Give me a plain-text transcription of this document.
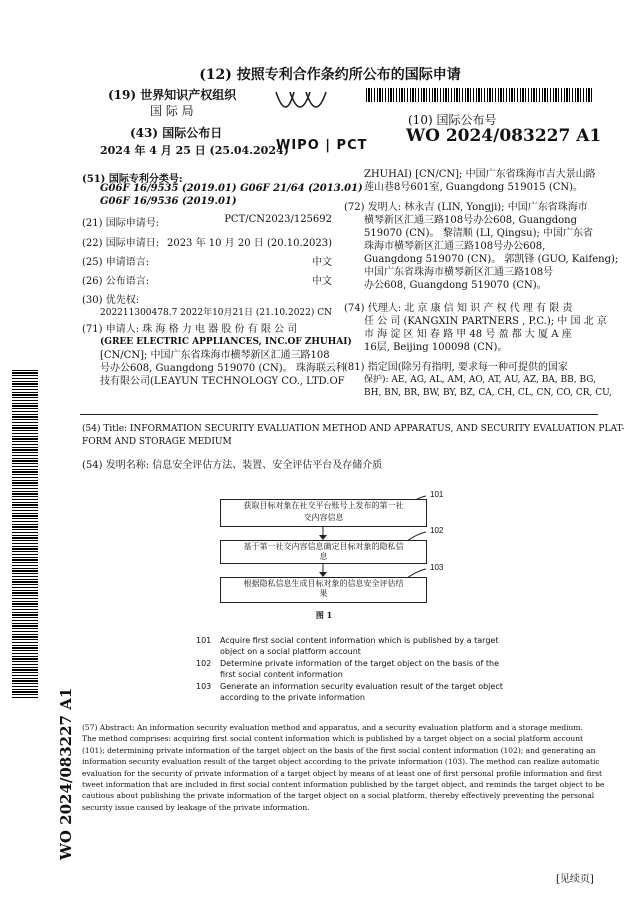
(12) 按照专利合作条约所公布的国际申请
(19) 世界知识产权组织
国 际 局
(43) 国际公布日
2024 年 4 月 25 日 (25.04.2024)
WIPO | PCT
(10) 国际公布号
WO 2024/083227 A1
WO 2024/083227 A1
(51) 国际专利分类号:
G06F 16/9535 (2019.01) G06F 21/64 (2013.01)
G06F 16/9536 (2019.01)
(21) 国际申请号:	PCT/CN2023/125692
(22) 国际申请日: 2023 年 10 月 20 日 (20.10.2023)
(25) 申请语言:	中文
(26) 公布语言:	中文
(30) 优先权:
202211300478.7 2022年10月21日 (21.10.2022) CN
(71) 申请人: 珠 海 格 力 电 器 股 份 有 限 公 司
(GREE ELECTRIC APPLIANCES, INC.OF ZHUHAI)
[CN/CN]; 中国广东省珠海市横琴新区汇通三路108
号办公608, Guangdong 519070 (CN)。 珠海联云科
技有限公司(LEAYUN TECHNOLOGY CO., LTD.OF
ZHUHAI) [CN/CN]; 中国广东省珠海市吉大景山路
莲山巷8号601室, Guangdong 519015 (CN)。
(72) 发明人: 林永吉 (LIN, Yongji); 中国广东省珠海市
横琴新区汇通三路108号办公608, Guangdong
519070 (CN)。 黎清顺 (LI, Qingsu); 中国广东省
珠海市横琴新区汇通三路108号办公608,
Guangdong 519070 (CN)。 郭凯锋 (GUO, Kaifeng);
中国广东省珠海市横琴新区汇通三路108号
办公608, Guangdong 519070 (CN)。
(74) 代理人: 北 京 康 信 知 识 产 权 代 理 有 限 责
任 公 司 (KANGXIN PARTNERS , P.C.); 中 国 北 京
市 海 淀 区 知 春 路 甲 48 号 盈 都 大 厦 A 座
16层, Beijing 100098 (CN)。
(81) 指定国(除另有指明, 要求每一种可提供的国家
保护): AE, AG, AL, AM, AO, AT, AU, AZ, BA, BB, BG,
BH, BN, BR, BW, BY, BZ, CA, CH, CL, CN, CO, CR, CU,
(54) Title: INFORMATION SECURITY EVALUATION METHOD AND APPARATUS, AND SECURITY EVALUATION PLAT-
FORM AND STORAGE MEDIUM
(54) 发明名称: 信息安全评估方法、装置、安全评估平台及存储介质
获取目标对象在社交平台账号上发布的第一社
交内容信息
基于第一社交内容信息确定目标对象的隐私信
息
根据隐私信息生成目标对象的信息安全评估结
果
101
102
103
图 1
101 Acquire first social content information which is published by a target
object on a social platform account
102 Determine private information of the target object on the basis of the
first social content information
103 Generate an information security evaluation result of the target object
according to the private information
(57) Abstract: An information security evaluation method and apparatus, and a security evaluation platform and a storage medium.
The method comprises: acquiring first social content information which is published by a target object on a social platform account
(101); determining private information of the target object on the basis of the first social content information (102); and generating an
information security evaluation result of the target object according to the private information (103). The method can realize automatic
evaluation for the security of private information of a target object by means of at least one of first personal profile information and first
tweet information that are included in first social content information published by the target object, and reminds the target object to be
cautious about publishing the private information of the target object on a social platform, thereby effectively preventing the personal
security issue caused by leakage of the private information.
[见续页]
